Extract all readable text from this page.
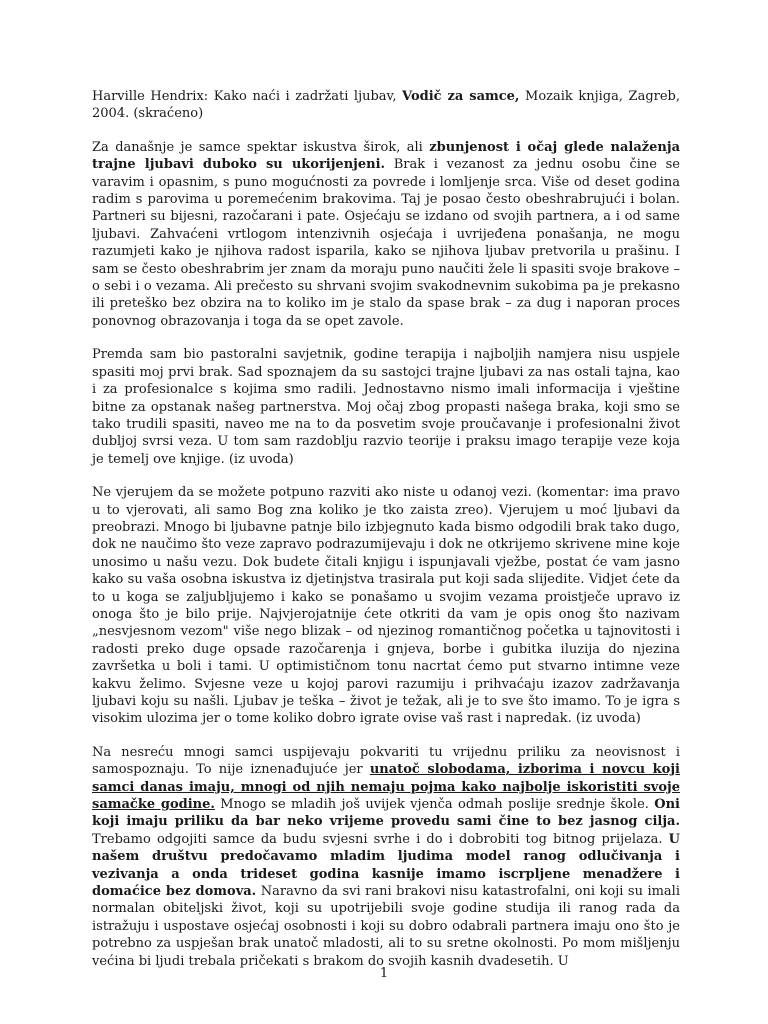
Harville Hendrix: Kako naći i zadržati ljubav, Vodič za samce, Mozaik knjiga, Zagreb, 2004. (skraćeno)

Za današnje je samce spektar iskustva širok, ali zbunjenost i očaj glede nalaženja trajne ljubavi duboko su ukorijenjeni. Brak i vezanost za jednu osobu čine se varavim i opasnim, s puno mogućnosti za povrede i lomljenje srca. Više od deset godina radim s parovima u poremećenim brakovima. Taj je posao često obeshrabrujući i bolan. Partneri su bijesni, razočarani i pate. Osjećaju se izdano od svojih partnera, a i od same ljubavi. Zahvaćeni vrtlogom intenzivnih osjećaja i uvrijeđena ponašanja, ne mogu razumjeti kako je njihova radost isparila, kako se njihova ljubav pretvorila u prašinu. I sam se često obeshrabrim jer znam da moraju puno naučiti žele li spasiti svoje brakove – o sebi i o vezama. Ali prečesto su shrvani svojim svakodnevnim sukobima pa je prekasno ili preteško bez obzira na to koliko im je stalo da spase brak – za dug i naporan proces ponovnog obrazovanja i toga da se opet zavole.

Premda sam bio pastoralni savjetnik, godine terapija i najboljih namjera nisu uspjele spasiti moj prvi brak. Sad spoznajem da su sastojci trajne ljubavi za nas ostali tajna, kao i za profesionalce s kojima smo radili. Jednostavno nismo imali informacija i vještine bitne za opstanak našeg partnerstva. Moj očaj zbog propasti našega braka, koji smo se tako trudili spasiti, naveo me na to da posvetim svoje proučavanje i profesionalni život dubljoj svrsi veza. U tom sam razdoblju razvio teorije i praksu imago terapije veze koja je temelj ove knjige. (iz uvoda)

Ne vjerujem da se možete potpuno razviti ako niste u odanoj vezi. (komentar: ima pravo u to vjerovati, ali samo Bog zna koliko je tko zaista zreo). Vjerujem u moć ljubavi da preobrazi. Mnogo bi ljubavne patnje bilo izbjegnuto kada bismo odgodili brak tako dugo, dok ne naučimo što veze zapravo podrazumijevaju i dok ne otkrijemo skrivene mine koje unosimo u našu vezu. Dok budete čitali knjigu i ispunjavali vježbe, postat će vam jasno kako su vaša osobna iskustva iz djetinjstva trasirala put koji sada slijedite. Vidjet ćete da to u koga se zaljubljujemo i kako se ponašamo u svojim vezama proistječe upravo iz onoga što je bilo prije. Najvjerojatnije ćete otkriti da vam je opis onog što nazivam „nesvjesnom vezom" više nego blizak – od njezinog romantičnog početka u tajnovitosti i radosti preko duge opsade razočarenja i gnjeva, borbe i gubitka iluzija do njezina završetka u boli i tami. U optimističnom tonu nacrtat ćemo put stvarno intimne veze kakvu želimo. Svjesne veze u kojoj parovi razumiju i prihvaćaju izazov zadržavanja ljubavi koju su našli. Ljubav je teška – život je težak, ali je to sve što imamo. To je igra s visokim ulozima jer o tome koliko dobro igrate ovise vaš rast i napredak. (iz uvoda)

Na nesreću mnogi samci uspijevaju pokvariti tu vrijednu priliku za neovisnost i samospoznaju. To nije iznenađujuće jer unatoč slobodama, izborima i novcu koji samci danas imaju, mnogi od njih nemaju pojma kako najbolje iskoristiti svoje samačke godine. Mnogo se mladih još uvijek vjenča odmah poslije srednje škole. Oni koji imaju priliku da bar neko vrijeme provedu sami čine to bez jasnog cilja. Trebamo odgojiti samce da budu svjesni svrhe i do i dobrobiti tog bitnog prijelaza. U našem društvu predočavamo mladim ljudima model ranog odlučivanja i vezivanja a onda trideset godina kasnije imamo iscrpljene menadžere i domaćice bez domova. Naravno da svi rani brakovi nisu katastrofalni, oni koji su imali normalan obiteljski život, koji su upotrijebili svoje godine studija ili ranog rada da istražuju i uspostave osjećaj osobnosti i koji su dobro odabrali partnera imaju ono što je potrebno za uspješan brak unatoč mladosti, ali to su sretne okolnosti. Po mom mišljenju većina bi ljudi trebala pričekati s brakom do svojih kasnih dvadesetih. U

1
